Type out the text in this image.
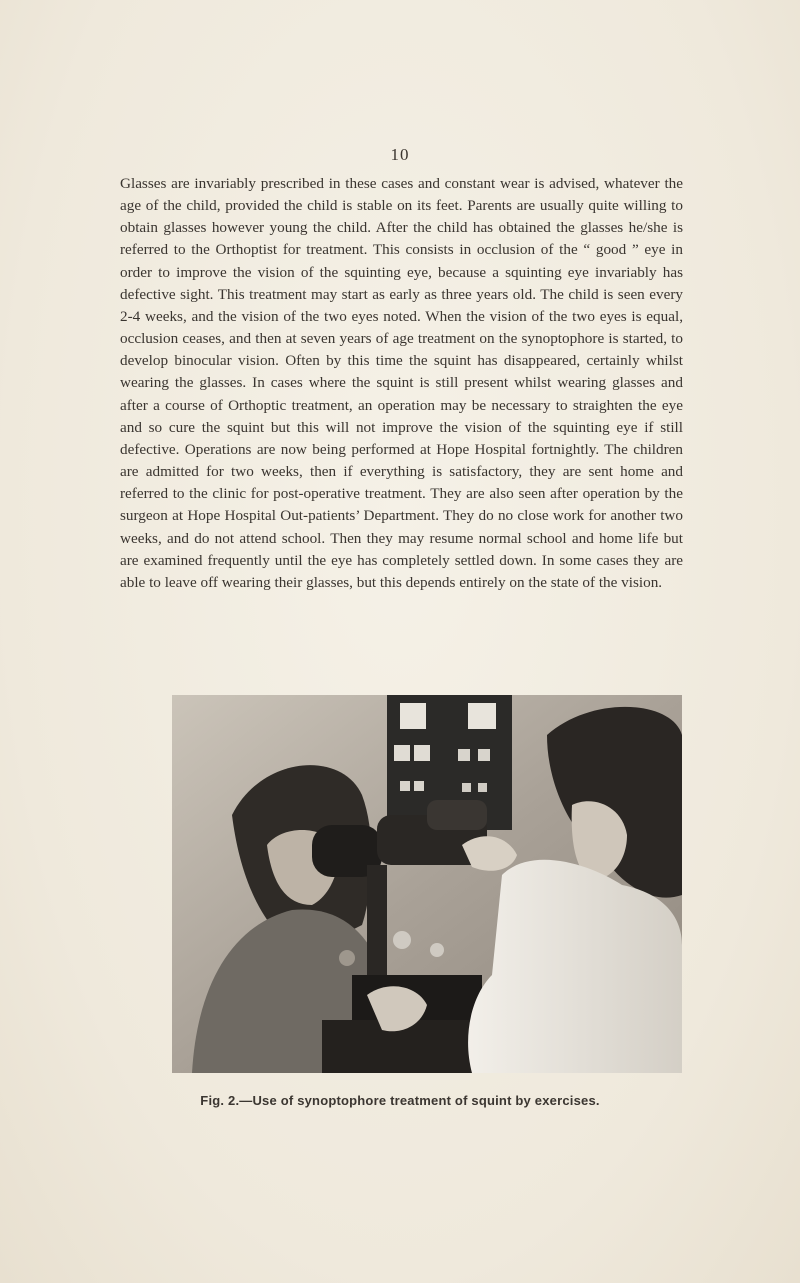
10

Glasses are invariably prescribed in these cases and constant wear is advised, whatever the age of the child, provided the child is stable on its feet. Parents are usually quite willing to obtain glasses however young the child. After the child has obtained the glasses he/she is referred to the Orthoptist for treatment. This consists in occlusion of the “ good ” eye in order to improve the vision of the squinting eye, because a squinting eye invariably has defective sight. This treatment may start as early as three years old. The child is seen every 2-4 weeks, and the vision of the two eyes noted. When the vision of the two eyes is equal, occlusion ceases, and then at seven years of age treatment on the synoptophore is started, to develop binocular vision. Often by this time the squint has disappeared, certainly whilst wearing the glasses. In cases where the squint is still present whilst wearing glasses and after a course of Orthoptic treatment, an operation may be necessary to straighten the eye and so cure the squint but this will not improve the vision of the squinting eye if still defective. Operations are now being performed at Hope Hospital fortnightly. The children are admitted for two weeks, then if everything is satisfactory, they are sent home and referred to the clinic for post-operative treatment. They are also seen after operation by the surgeon at Hope Hospital Out-patients’ Department. They do no close work for another two weeks, and do not attend school. Then they may resume normal school and home life but are examined frequently until the eye has completely settled down. In some cases they are able to leave off wearing their glasses, but this depends entirely on the state of the vision.

Fig. 2.—Use of synoptophore treatment of squint by exercises.
